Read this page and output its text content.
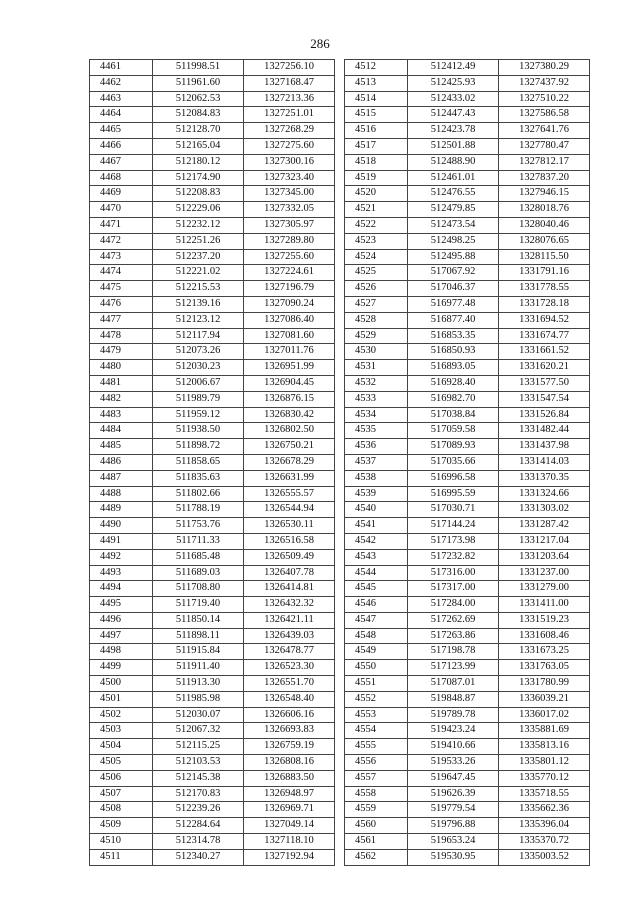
286
4461	511998.51	1327256.10
4462	511961.60	1327168.47
4463	512062.53	1327213.36
4464	512084.83	1327251.01
4465	512128.70	1327268.29
4466	512165.04	1327275.60
4467	512180.12	1327300.16
4468	512174.90	1327323.40
4469	512208.83	1327345.00
4470	512229.06	1327332.05
4471	512232.12	1327305.97
4472	512251.26	1327289.80
4473	512237.20	1327255.60
4474	512221.02	1327224.61
4475	512215.53	1327196.79
4476	512139.16	1327090.24
4477	512123.12	1327086.40
4478	512117.94	1327081.60
4479	512073.26	1327011.76
4480	512030.23	1326951.99
4481	512006.67	1326904.45
4482	511989.79	1326876.15
4483	511959.12	1326830.42
4484	511938.50	1326802.50
4485	511898.72	1326750.21
4486	511858.65	1326678.29
4487	511835.63	1326631.99
4488	511802.66	1326555.57
4489	511788.19	1326544.94
4490	511753.76	1326530.11
4491	511711.33	1326516.58
4492	511685.48	1326509.49
4493	511689.03	1326407.78
4494	511708.80	1326414.81
4495	511719.40	1326432.32
4496	511850.14	1326421.11
4497	511898.11	1326439.03
4498	511915.84	1326478.77
4499	511911.40	1326523.30
4500	511913.30	1326551.70
4501	511985.98	1326548.40
4502	512030.07	1326606.16
4503	512067.32	1326693.83
4504	512115.25	1326759.19
4505	512103.53	1326808.16
4506	512145.38	1326883.50
4507	512170.83	1326948.97
4508	512239.26	1326969.71
4509	512284.64	1327049.14
4510	512314.78	1327118.10
4511	512340.27	1327192.94
4512	512412.49	1327380.29
4513	512425.93	1327437.92
4514	512433.02	1327510.22
4515	512447.43	1327586.58
4516	512423.78	1327641.76
4517	512501.88	1327780.47
4518	512488.90	1327812.17
4519	512461.01	1327837.20
4520	512476.55	1327946.15
4521	512479.85	1328018.76
4522	512473.54	1328040.46
4523	512498.25	1328076.65
4524	512495.88	1328115.50
4525	517067.92	1331791.16
4526	517046.37	1331778.55
4527	516977.48	1331728.18
4528	516877.40	1331694.52
4529	516853.35	1331674.77
4530	516850.93	1331661.52
4531	516893.05	1331620.21
4532	516928.40	1331577.50
4533	516982.70	1331547.54
4534	517038.84	1331526.84
4535	517059.58	1331482.44
4536	517089.93	1331437.98
4537	517035.66	1331414.03
4538	516996.58	1331370.35
4539	516995.59	1331324.66
4540	517030.71	1331303.02
4541	517144.24	1331287.42
4542	517173.98	1331217.04
4543	517232.82	1331203.64
4544	517316.00	1331237.00
4545	517317.00	1331279.00
4546	517284.00	1331411.00
4547	517262.69	1331519.23
4548	517263.86	1331608.46
4549	517198.78	1331673.25
4550	517123.99	1331763.05
4551	517087.01	1331780.99
4552	519848.87	1336039.21
4553	519789.78	1336017.02
4554	519423.24	1335881.69
4555	519410.66	1335813.16
4556	519533.26	1335801.12
4557	519647.45	1335770.12
4558	519626.39	1335718.55
4559	519779.54	1335662.36
4560	519796.88	1335396.04
4561	519653.24	1335370.72
4562	519530.95	1335003.52
